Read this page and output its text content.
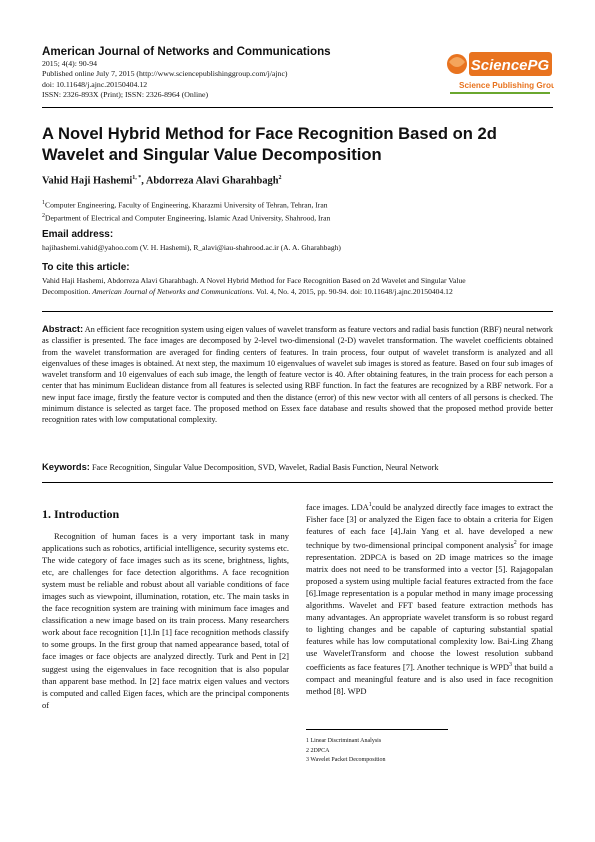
American Journal of Networks and Communications
2015; 4(4): 90-94
Published online July 7, 2015 (http://www.sciencepublishinggroup.com/j/ajnc)
doi: 10.11648/j.ajnc.20150404.12
ISSN: 2326-893X (Print); ISSN: 2326-8964 (Online)
SciencePG
Science Publishing Group
A Novel Hybrid Method for Face Recognition Based on 2d
Wavelet and Singular Value Decomposition
Vahid Haji Hashemi$^{1, *}$, Abdorreza Alavi Gharahbagh$^2$
$^1$Computer Engineering, Faculty of Engineering, Kharazmi University of Tehran, Tehran, Iran
$^2$Department of Electrical and Computer Engineering, Islamic Azad University, Shahrood, Iran
Email address:
hajihashemi.vahid@yahoo.com (V. H. Hashemi), R_alavi@iau-shahrood.ac.ir (A. A. Gharahbagh)
To cite this article:
Vahid Haji Hashemi, Abdorreza Alavi Gharahbagh. A Novel Hybrid Method for Face Recognition Based on 2d Wavelet and Singular Value
Decomposition. American Journal of Networks and Communications. Vol. 4, No. 4, 2015, pp. 90-94. doi: 10.11648/j.ajnc.20150404.12
Abstract: An efficient face recognition system using eigen values of wavelet transform as feature vectors and radial basis function (RBF) neural network as classifier is presented. The face images are decomposed by 2-level two-dimensional (2-D) wavelet transformation. The wavelet coefficients obtained from the wavelet transformation are averaged for finding centers of features. In train process, four output of wavelet transform is analyzed and all eigenvalues of these images is obtained. At next step, the maximum 10 eigenvalues of wavelet sub images is stored as feature. Based on four sub images of wavelet transform and 10 eigenvalues of each sub image, the length of feature vector is 40. After obtaining features, in the train process for each person a center that has minimum Euclidean distance from all features is selected using RBF function. In fact the features are recognized by a RBF network. For a new input face image, firstly the feature vector is computed and then the distance (error) of this new vector with all centers of all persons is checked. The minimum distance is selected as target face. The proposed method on Essex face database and results showed that the proposed method provide better recognition rates with low computational complexity.
Keywords: Face Recognition, Singular Value Decomposition, SVD, Wavelet, Radial Basis Function, Neural Network
1. Introduction

Recognition of human faces is a very important task in many applications such as robotics, artificial intelligence, security systems etc. The wide category of face images such as its scene, brightness, lights, etc, are challenges for face detection algorithms. A face recognition system must be reliable and robust about all variable conditions of face images such as viewpoint, illumination, rotation, etc. The main tasks in the face recognition system are training with minimum face images and classification a new image based on its train process. Many researchers work about face recognition [1].In [1] face recognition methods classify to some groups. In the first group that named appearance based, total of face images or face objects are analyzed directly. Turk and Pent in [2] suggest using the eigenvalues in face recognition that is also popular than apparent base method. In [2] face matrix eigen values and vectors is computed and called Eigen faces, which are the principal components of

face images. LDA$^1$could be analyzed directly face images to extract the Fisher face [3] or analyzed the Eigen face to obtain a criteria for Eigen features of each face [4].Jain Yang et al. have developed a new technique by two-dimensional principal component analysis$^2$ for image representation. 2DPCA is based on 2D image matrices so the image matrix does not need to be transformed into a vector [5]. Rajagopalan proposed a system using multiple facial features extracted from the face [6].Image representation is a popular method in many image processing algorithms. Wavelet and FFT based feature extraction methods has many advantages. An appropriate wavelet transform is so robust regard to lighting changes and be capable of capturing substantial spatial features while has low computational complexity low. Bai-Ling Zhang use WaveletTransform and choose the lowest resolution subband coefficients as face features [7]. Another technique is WPD$^3$ that build a compact and meaningful feature and is also used in face recognition method [8]. WPD

1 Linear Discriminant Analysis
2 2DPCA
3 Wavelet Packet Decomposition
